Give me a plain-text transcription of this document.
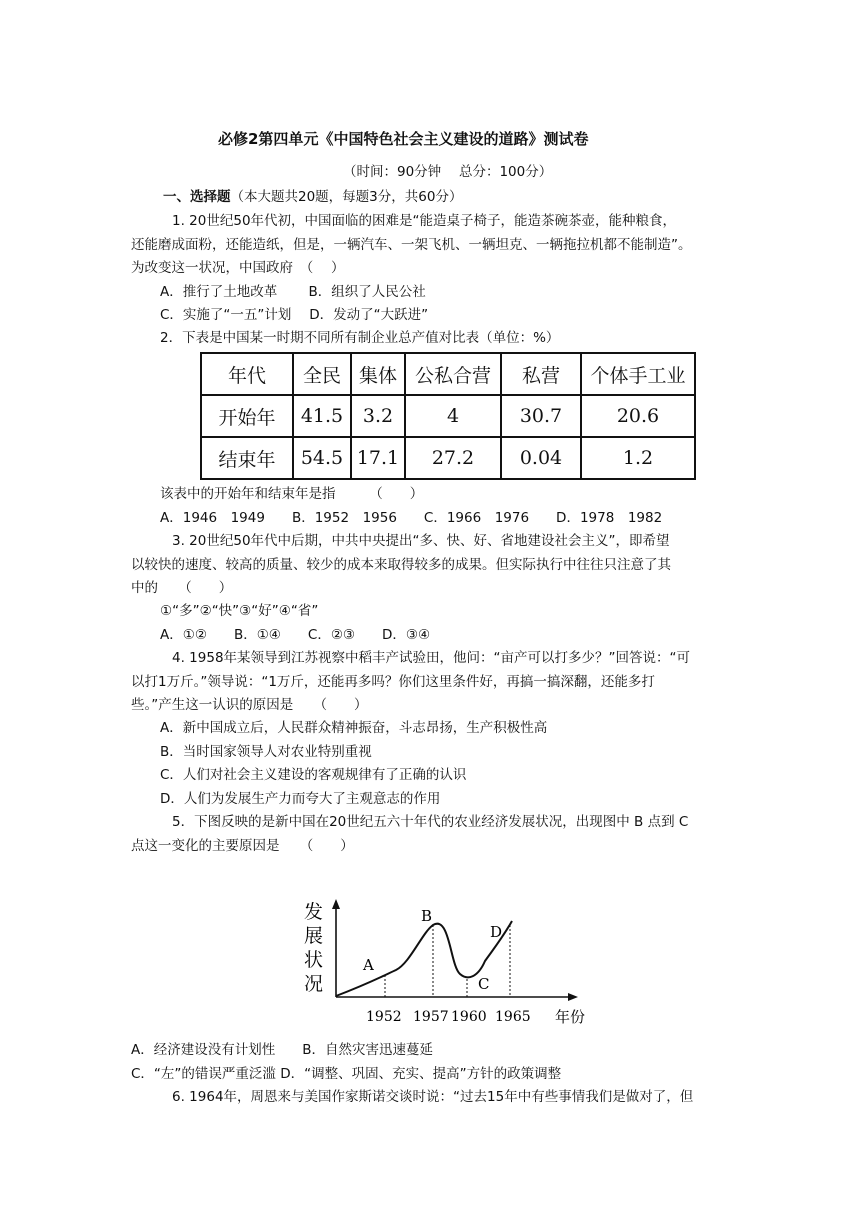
必修2第四单元《中国特色社会主义建设的道路》测试卷
（时间：90分钟　 总分：100分）
一、选择题（本大题共20题，每题3分，共60分）
1. 20世纪50年代初，中国面临的困难是“能造桌子椅子，能造茶碗茶壶，能种粮食，
还能磨成面粉，还能造纸，但是，一辆汽车、一架飞机、一辆坦克、一辆拖拉机都不能制造”。
为改变这一状况，中国政府　（　 ）
A．推行了土地改革　　 B．组织了人民公社
C．实施了“一五”计划　 D．发动了“大跃进”
2．下表是中国某一时期不同所有制企业总产值对比表（单位：%）
年代	全民	集体	公私合营	私营	个体手工业
开始年	41.5	3.2	4	30.7	20.6
结束年	54.5	17.1	27.2	0.04	1.2
该表中的开始年和结束年是指　　　（　　）
A．1946　1949　　B．1952　1956　　C．1966　1976　　D．1978　1982
3. 20世纪50年代中后期，中共中央提出“多、快、好、省地建设社会主义”，即希望
以较快的速度、较高的质量、较少的成本来取得较多的成果。但实际执行中往往只注意了其
中的　　（　　）
①“多”②“快”③“好”④“省”
A．①②　　B．①④　　C．②③　　D．③④
4. 1958年某领导到江苏视察中稻丰产试验田，他问：“亩产可以打多少？”回答说：“可
以打1万斤。”领导说：“1万斤，还能再多吗？你们这里条件好，再搞一搞深翻，还能多打
些。”产生这一认识的原因是　　（　　）
A．新中国成立后，人民群众精神振奋，斗志昂扬，生产积极性高
B．当时国家领导人对农业特别重视
C．人们对社会主义建设的客观规律有了正确的认识
D．人们为发展生产力而夸大了主观意志的作用
5．下图反映的是新中国在20世纪五六十年代的农业经济发展状况，出现图中 B 点到 C
点这一变化的主要原因是　　（　　）
发
展
状
况
A
B
C
D
1952 1957 1960 1965 年份
A．经济建设没有计划性　　B．自然灾害迅速蔓延
C．“左”的错误严重泛滥 D．“调整、巩固、充实、提高”方针的政策调整
6. 1964年，周恩来与美国作家斯诺交谈时说：“过去15年中有些事情我们是做对了，但
